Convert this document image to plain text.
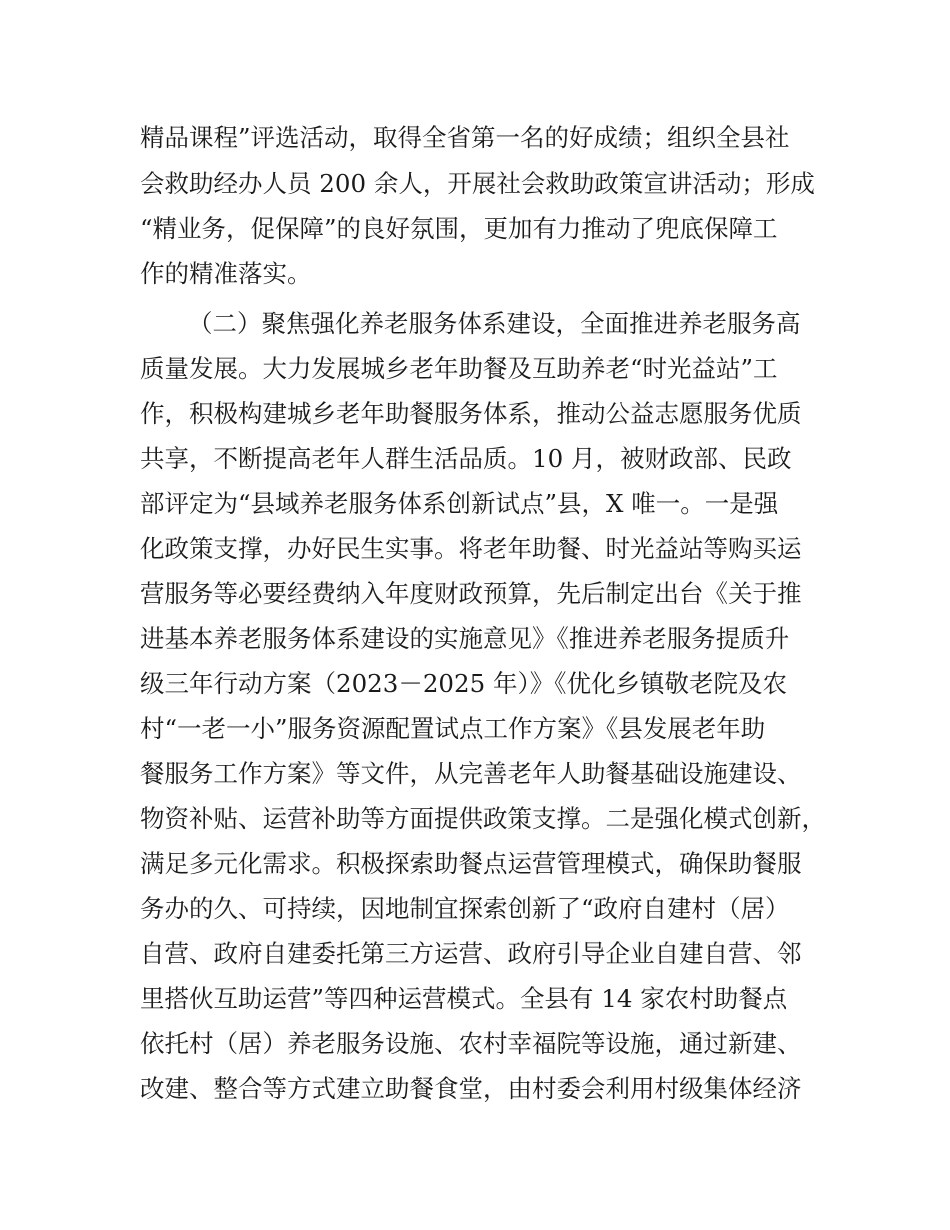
精品课程”评选活动，取得全省第一名的好成绩；组织全县社
会救助经办人员 200 余人，开展社会救助政策宣讲活动；形成
“精业务，促保障”的良好氛围，更加有力推动了兜底保障工
作的精准落实。
（二）聚焦强化养老服务体系建设，全面推进养老服务高
质量发展。大力发展城乡老年助餐及互助养老“时光益站”工
作，积极构建城乡老年助餐服务体系，推动公益志愿服务优质
共享，不断提高老年人群生活品质。10 月，被财政部、民政
部评定为“县域养老服务体系创新试点”县，X 唯一。一是强
化政策支撑，办好民生实事。将老年助餐、时光益站等购买运
营服务等必要经费纳入年度财政预算，先后制定出台《关于推
进基本养老服务体系建设的实施意见》《推进养老服务提质升
级三年行动方案（2023－2025 年）》《优化乡镇敬老院及农
村“一老一小”服务资源配置试点工作方案》《县发展老年助
餐服务工作方案》等文件，从完善老年人助餐基础设施建设、
物资补贴、运营补助等方面提供政策支撑。二是强化模式创新，
满足多元化需求。积极探索助餐点运营管理模式，确保助餐服
务办的久、可持续，因地制宜探索创新了“政府自建村（居）
自营、政府自建委托第三方运营、政府引导企业自建自营、邻
里搭伙互助运营”等四种运营模式。全县有 14 家农村助餐点
依托村（居）养老服务设施、农村幸福院等设施，通过新建、
改建、整合等方式建立助餐食堂，由村委会利用村级集体经济
